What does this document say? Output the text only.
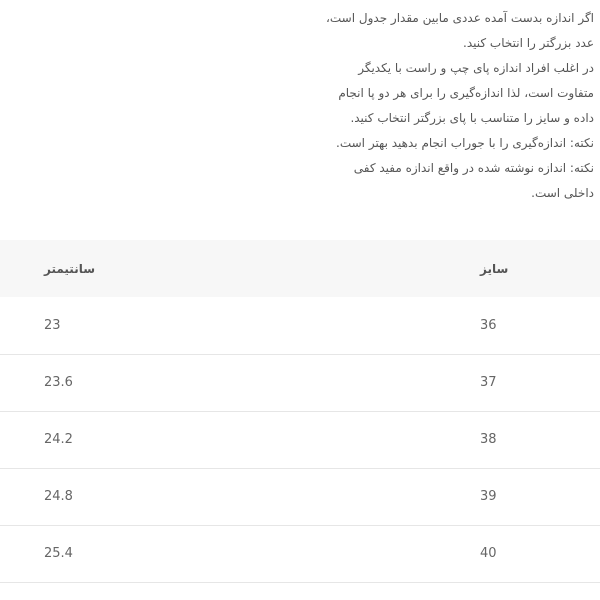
اگر اندازه بدست آمده عددی مابین مقدار جدول است،
عدد بزرگتر را انتخاب کنید.
در اغلب افراد اندازه پای چپ و راست با یکدیگر
متفاوت است، لذا اندازه‌گیری را برای هر دو پا انجام
داده و سایز را متناسب با پای بزرگتر انتخاب کنید.
نکته: اندازه‌گیری را با جوراب انجام بدهید بهتر است.
نکته: اندازه نوشته شده در واقع اندازه مفید کفی
داخلی است.
سانتیمتر	سایز
23	36
23.6	37
24.2	38
24.8	39
25.4	40
